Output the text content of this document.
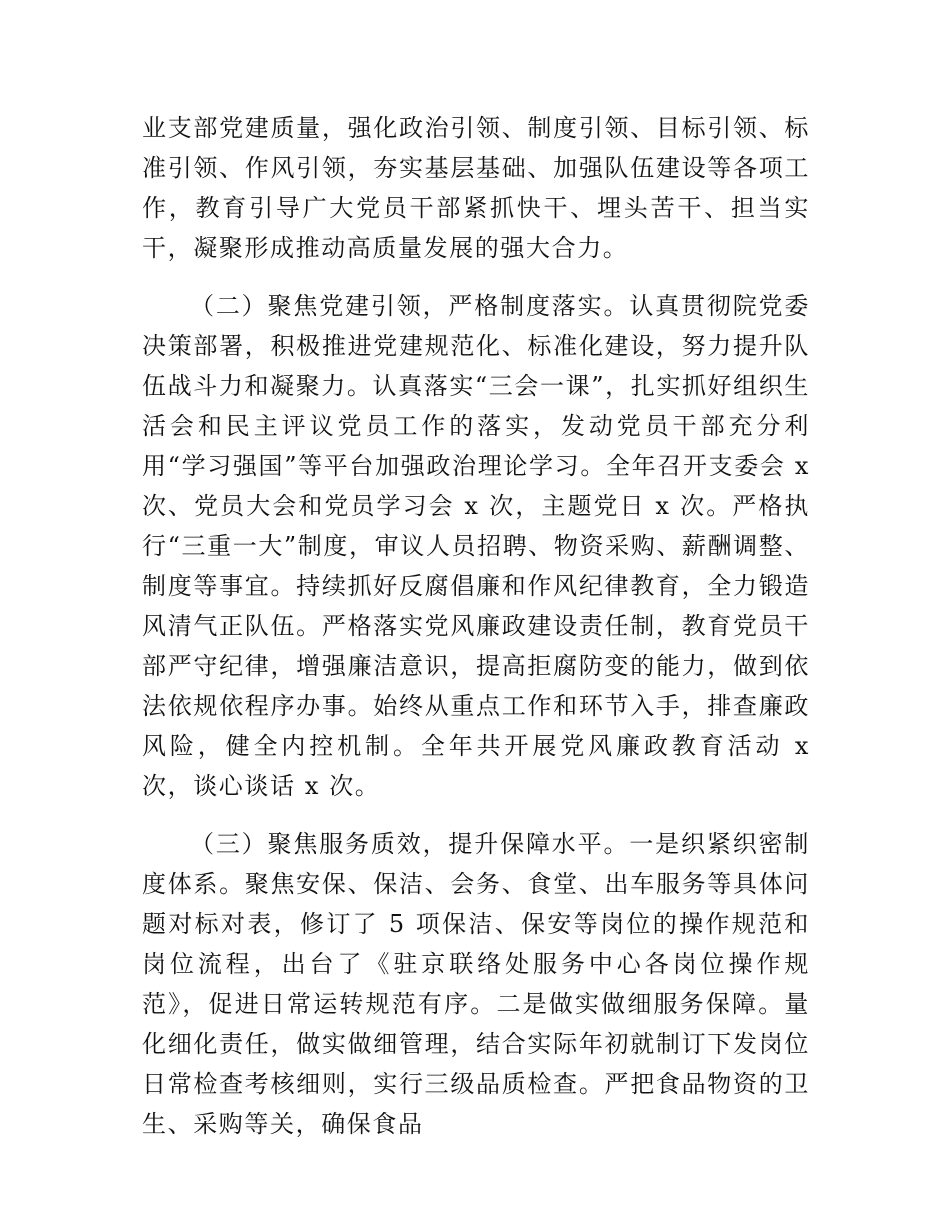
业支部党建质量，强化政治引领、制度引领、目标引领、标准引领、作风引领，夯实基层基础、加强队伍建设等各项工作，教育引导广大党员干部紧抓快干、埋头苦干、担当实干，凝聚形成推动高质量发展的强大合力。

（二）聚焦党建引领，严格制度落实。认真贯彻院党委决策部署，积极推进党建规范化、标准化建设，努力提升队伍战斗力和凝聚力。认真落实“三会一课”，扎实抓好组织生活会和民主评议党员工作的落实，发动党员干部充分利用“学习强国”等平台加强政治理论学习。全年召开支委会 x 次、党员大会和党员学习会 x 次，主题党日 x 次。严格执行“三重一大”制度，审议人员招聘、物资采购、薪酬调整、制度等事宜。持续抓好反腐倡廉和作风纪律教育，全力锻造风清气正队伍。严格落实党风廉政建设责任制，教育党员干部严守纪律，增强廉洁意识，提高拒腐防变的能力，做到依法依规依程序办事。始终从重点工作和环节入手，排查廉政风险，健全内控机制。全年共开展党风廉政教育活动 x 次，谈心谈话 x 次。

（三）聚焦服务质效，提升保障水平。一是织紧织密制度体系。聚焦安保、保洁、会务、食堂、出车服务等具体问题对标对表，修订了 5 项保洁、保安等岗位的操作规范和岗位流程，出台了《驻京联络处服务中心各岗位操作规范》，促进日常运转规范有序。二是做实做细服务保障。量化细化责任，做实做细管理，结合实际年初就制订下发岗位日常检查考核细则，实行三级品质检查。严把食品物资的卫生、采购等关，确保食品
